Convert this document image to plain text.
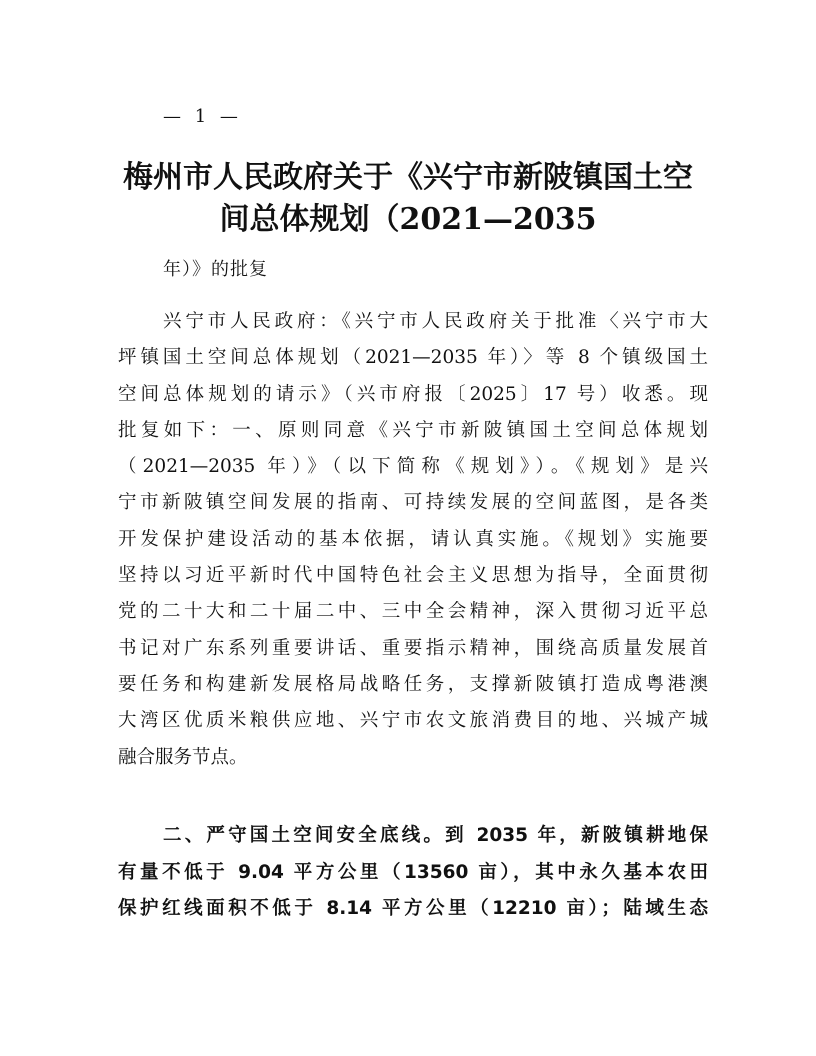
— 1 —
梅州市人民政府关于《兴宁市新陂镇国土空
间总体规划（2021—2035
年）》的批复
兴宁市人民政府：《兴宁市人民政府关于批准〈兴宁市大
坪镇国土空间总体规划（2021—2035 年）〉等 8 个镇级国土
空间总体规划的请示》（兴市府报〔2025〕17 号）收悉。现
批复如下：一、原则同意《兴宁市新陂镇国土空间总体规划
（2021—2035 年）》（以下简称《规划》）。《规划》是兴
宁市新陂镇空间发展的指南、可持续发展的空间蓝图，是各类
开发保护建设活动的基本依据，请认真实施。《规划》实施要
坚持以习近平新时代中国特色社会主义思想为指导，全面贯彻
党的二十大和二十届二中、三中全会精神，深入贯彻习近平总
书记对广东系列重要讲话、重要指示精神，围绕高质量发展首
要任务和构建新发展格局战略任务，支撑新陂镇打造成粤港澳
大湾区优质米粮供应地、兴宁市农文旅消费目的地、兴城产城
融合服务节点。
二、严守国土空间安全底线。到 2035 年，新陂镇耕地保
有量不低于 9.04 平方公里（13560 亩），其中永久基本农田
保护红线面积不低于 8.14 平方公里（12210 亩）；陆域生态
